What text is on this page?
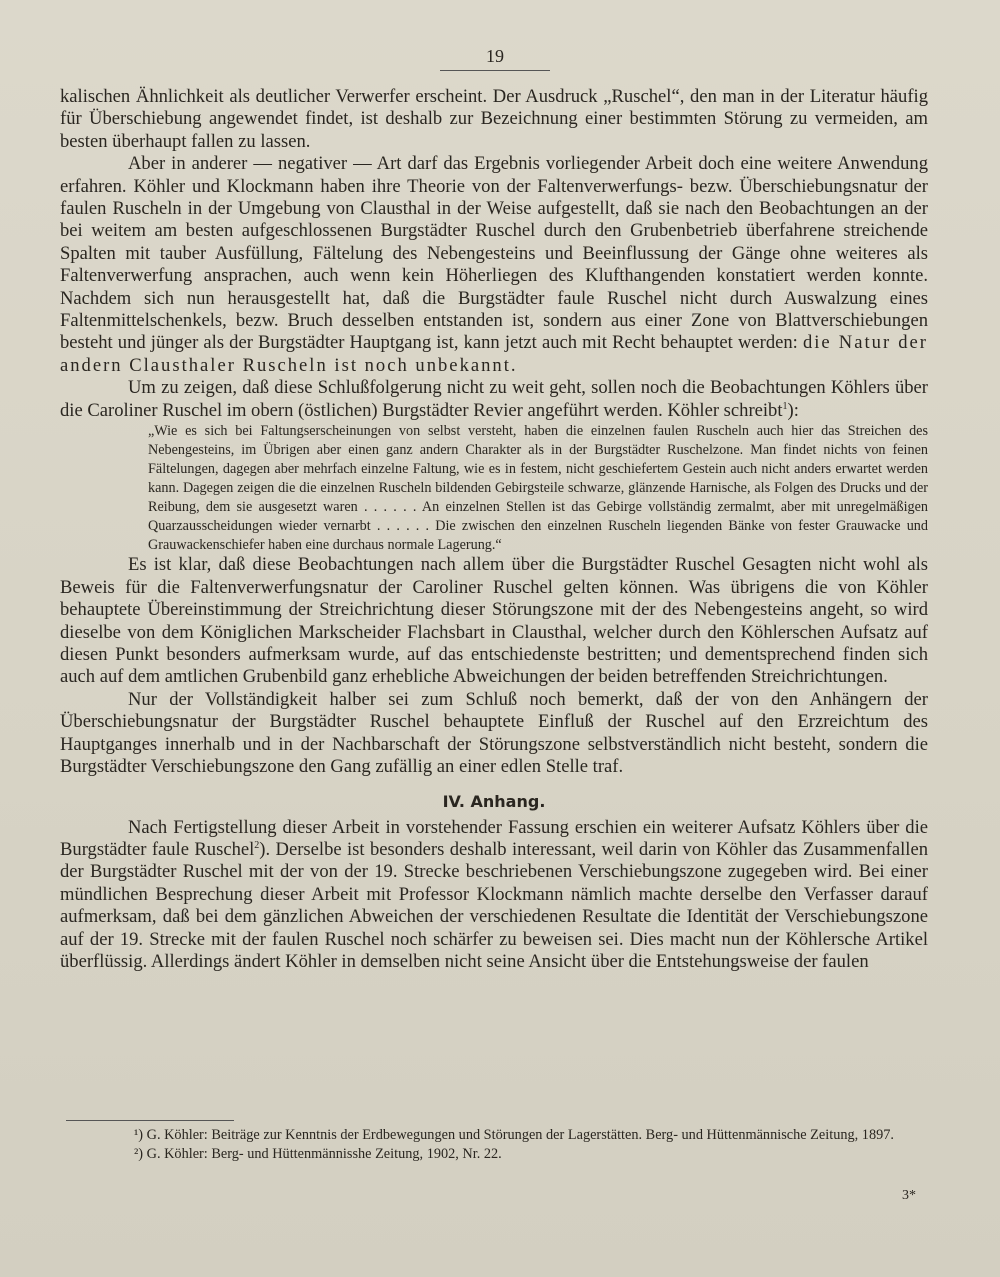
19

kalischen Ähnlichkeit als deutlicher Verwerfer erscheint. Der Ausdruck „Ruschel“, den man in der Literatur häufig für Überschiebung angewendet findet, ist deshalb zur Bezeichnung einer bestimmten Störung zu vermeiden, am besten überhaupt fallen zu lassen.

Aber in anderer — negativer — Art darf das Ergebnis vorliegender Arbeit doch eine weitere Anwendung erfahren. Köhler und Klockmann haben ihre Theorie von der Faltenverwerfungs- bezw. Überschiebungsnatur der faulen Ruscheln in der Umgebung von Clausthal in der Weise aufgestellt, daß sie nach den Beobachtungen an der bei weitem am besten aufgeschlossenen Burgstädter Ruschel durch den Grubenbetrieb überfahrene streichende Spalten mit tauber Ausfüllung, Fältelung des Nebengesteins und Beeinflussung der Gänge ohne weiteres als Faltenverwerfung ansprachen, auch wenn kein Höherliegen des Klufthangenden konstatiert werden konnte. Nachdem sich nun herausgestellt hat, daß die Burgstädter faule Ruschel nicht durch Auswalzung eines Faltenmittelschenkels, bezw. Bruch desselben entstanden ist, sondern aus einer Zone von Blattverschiebungen besteht und jünger als der Burgstädter Hauptgang ist, kann jetzt auch mit Recht behauptet werden: die Natur der andern Clausthaler Ruscheln ist noch unbekannt.

Um zu zeigen, daß diese Schlußfolgerung nicht zu weit geht, sollen noch die Beobachtungen Köhlers über die Caroliner Ruschel im obern (östlichen) Burgstädter Revier angeführt werden. Köhler schreibt$^1$):

„Wie es sich bei Faltungserscheinungen von selbst versteht, haben die einzelnen faulen Ruscheln auch hier das Streichen des Nebengesteins, im Übrigen aber einen ganz andern Charakter als in der Burgstädter Ruschelzone. Man findet nichts von feinen Fältelungen, dagegen aber mehrfach einzelne Faltung, wie es in festem, nicht geschiefertem Gestein auch nicht anders erwartet werden kann. Dagegen zeigen die die einzelnen Ruscheln bildenden Gebirgsteile schwarze, glänzende Harnische, als Folgen des Drucks und der Reibung, dem sie ausgesetzt waren . . . . . . An einzelnen Stellen ist das Gebirge vollständig zermalmt, aber mit unregelmäßigen Quarzausscheidungen wieder vernarbt . . . . . . Die zwischen den einzelnen Ruscheln liegenden Bänke von fester Grauwacke und Grauwackenschiefer haben eine durchaus normale Lagerung.“

Es ist klar, daß diese Beobachtungen nach allem über die Burgstädter Ruschel Gesagten nicht wohl als Beweis für die Faltenverwerfungsnatur der Caroliner Ruschel gelten können. Was übrigens die von Köhler behauptete Übereinstimmung der Streichrichtung dieser Störungszone mit der des Nebengesteins angeht, so wird dieselbe von dem Königlichen Markscheider Flachsbart in Clausthal, welcher durch den Köhlerschen Aufsatz auf diesen Punkt besonders aufmerksam wurde, auf das entschiedenste bestritten; und dementsprechend finden sich auch auf dem amtlichen Grubenbild ganz erhebliche Abweichungen der beiden betreffenden Streichrichtungen.

Nur der Vollständigkeit halber sei zum Schluß noch bemerkt, daß der von den Anhängern der Überschiebungsnatur der Burgstädter Ruschel behauptete Einfluß der Ruschel auf den Erzreichtum des Hauptganges innerhalb und in der Nachbarschaft der Störungszone selbstverständlich nicht besteht, sondern die Burgstädter Verschiebungszone den Gang zufällig an einer edlen Stelle traf.

IV. Anhang.

Nach Fertigstellung dieser Arbeit in vorstehender Fassung erschien ein weiterer Aufsatz Köhlers über die Burgstädter faule Ruschel$^2$). Derselbe ist besonders deshalb interessant, weil darin von Köhler das Zusammenfallen der Burgstädter Ruschel mit der von der 19. Strecke beschriebenen Verschiebungszone zugegeben wird. Bei einer mündlichen Besprechung dieser Arbeit mit Professor Klockmann nämlich machte derselbe den Verfasser darauf aufmerksam, daß bei dem gänzlichen Abweichen der verschiedenen Resultate die Identität der Verschiebungszone auf der 19. Strecke mit der faulen Ruschel noch schärfer zu beweisen sei. Dies macht nun der Köhlersche Artikel überflüssig. Allerdings ändert Köhler in demselben nicht seine Ansicht über die Entstehungsweise der faulen

¹) G. Köhler: Beiträge zur Kenntnis der Erdbewegungen und Störungen der Lagerstätten. Berg- und Hüttenmännische Zeitung, 1897.

²) G. Köhler: Berg- und Hüttenmännisshe Zeitung, 1902, Nr. 22.

3*
